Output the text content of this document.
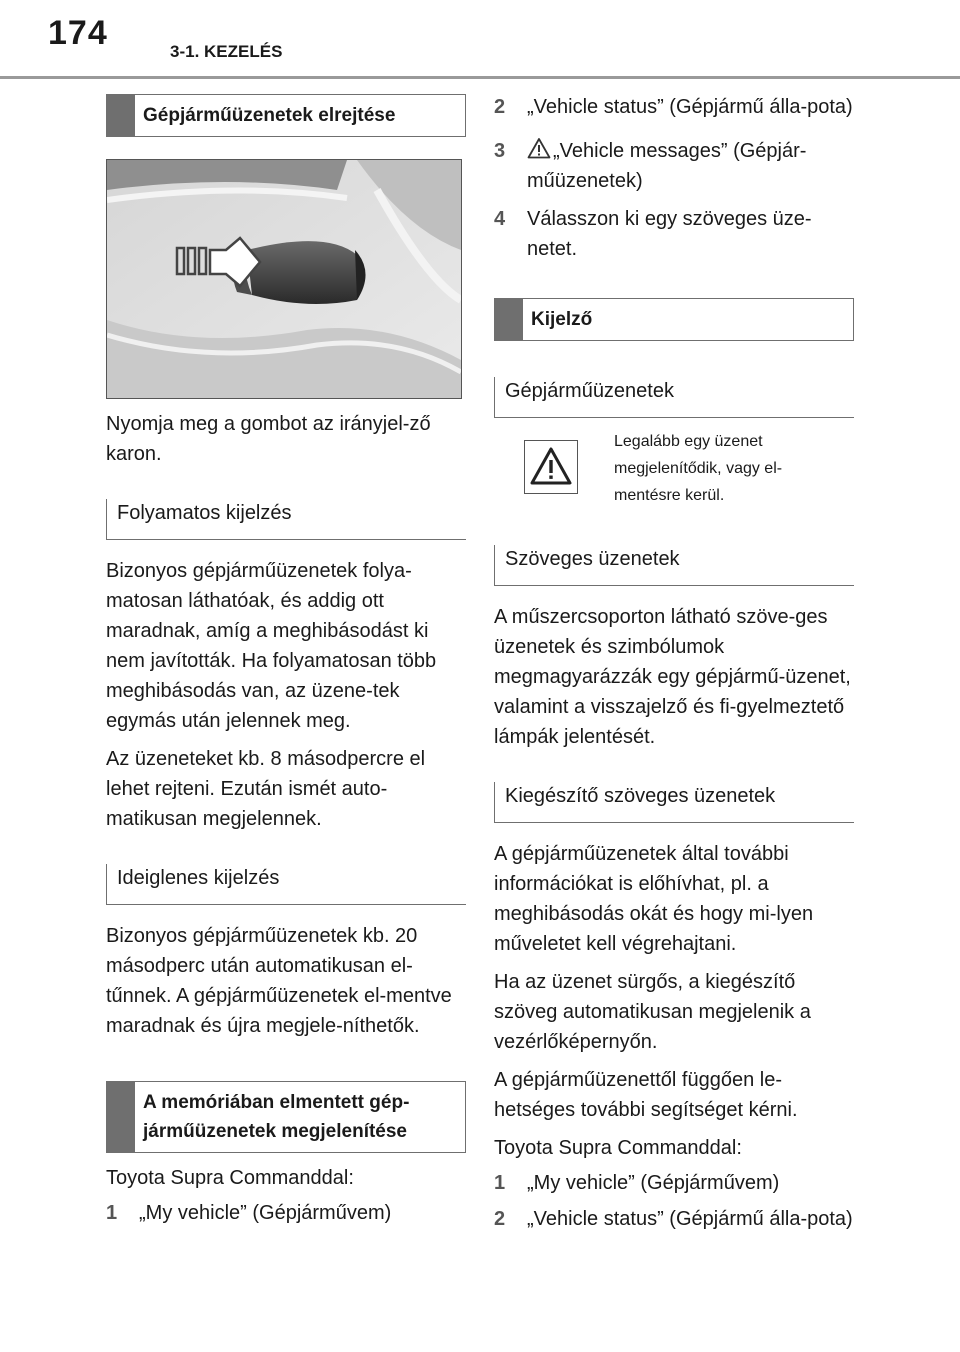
174	3-1. KEZELÉS
Gépjárműüzenetek elrejtése

Nyomja meg a gombot az irányjel-ző karon.

Folyamatos kijelzés

Bizonyos gépjárműüzenetek folya-matosan láthatóak, és addig ott maradnak, amíg a meghibásodást ki nem javították. Ha folyamatosan több meghibásodás van, az üzene-tek egymás után jelennek meg.

Az üzeneteket kb. 8 másodpercre el lehet rejteni. Ezután ismét auto-matikusan megjelennek.

Ideiglenes kijelzés

Bizonyos gépjárműüzenetek kb. 20 másodperc után automatikusan el-tűnnek. A gépjárműüzenetek el-mentve maradnak és újra megjele-níthetők.

A memóriában elmentett gép-járműüzenetek megjelenítése

Toyota Supra Commanddal:

1	„My vehicle” (Gépjárművem)
2	„Vehicle status” (Gépjármű álla-pota)
3	„Vehicle messages” (Gépjár-műüzenetek)
4	Válasszon ki egy szöveges üze-netet.
Kijelző
Gépjárműüzenetek
Legalább egy üzenet megjelenítődik, vagy el-mentésre kerül.
Szöveges üzenetek

A műszercsoporton látható szöve-ges üzenetek és szimbólumok megmagyarázzák egy gépjármű-üzenet, valamint a visszajelző és fi-gyelmeztető lámpák jelentését.

Kiegészítő szöveges üzenetek

A gépjárműüzenetek által további információkat is előhívhat, pl. a meghibásodás okát és hogy mi-lyen műveletet kell végrehajtani.

Ha az üzenet sürgős, a kiegészítő szöveg automatikusan megjelenik a vezérlőképernyőn.

A gépjárműüzenettől függően le-hetséges további segítséget kérni.

Toyota Supra Commanddal:

1	„My vehicle” (Gépjárművem)
2	„Vehicle status” (Gépjármű álla-pota)
